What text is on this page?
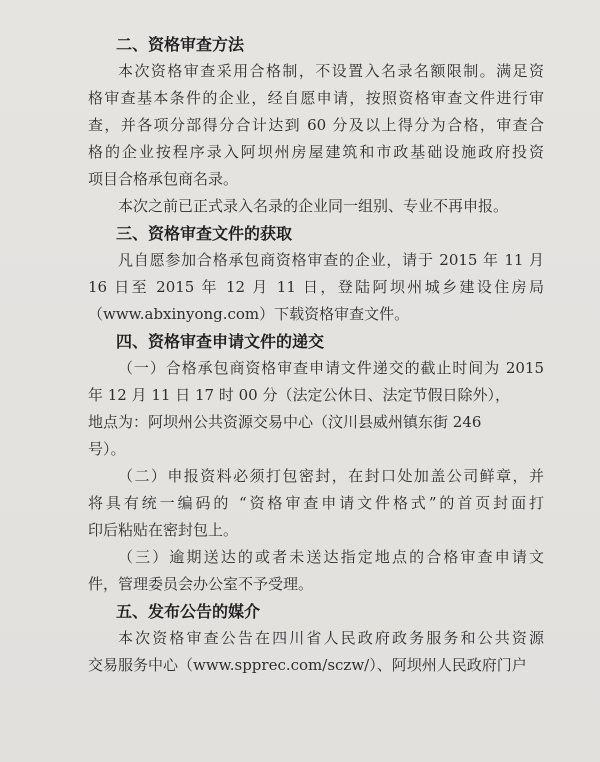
二、资格审查方法
本次资格审查采用合格制，不设置入名录名额限制。满足资
格审查基本条件的企业，经自愿申请，按照资格审查文件进行审
查，并各项分部得分合计达到 60 分及以上得分为合格，审查合
格的企业按程序录入阿坝州房屋建筑和市政基础设施政府投资
项目合格承包商名录。
本次之前已正式录入名录的企业同一组别、专业不再申报。
三、资格审查文件的获取
凡自愿参加合格承包商资格审查的企业，请于 2015 年 11 月
16 日至 2015 年 12 月 11 日，登陆阿坝州城乡建设住房局
（www.abxinyong.com）下载资格审查文件。
四、资格审查申请文件的递交
（一）合格承包商资格审查申请文件递交的截止时间为 2015
年 12 月 11 日 17 时 00 分（法定公休日、法定节假日除外），
地点为：阿坝州公共资源交易中心（汶川县威州镇东街 246
号）。
（二）申报资料必须打包密封，在封口处加盖公司鲜章，并
将具有统一编码的 “资格审查申请文件格式”的首页封面打
印后粘贴在密封包上。
（三）逾期送达的或者未送达指定地点的合格审查申请文
件，管理委员会办公室不予受理。
五、发布公告的媒介
本次资格审查公告在四川省人民政府政务服务和公共资源
交易服务中心（www.spprec.com/sczw/）、阿坝州人民政府门户
